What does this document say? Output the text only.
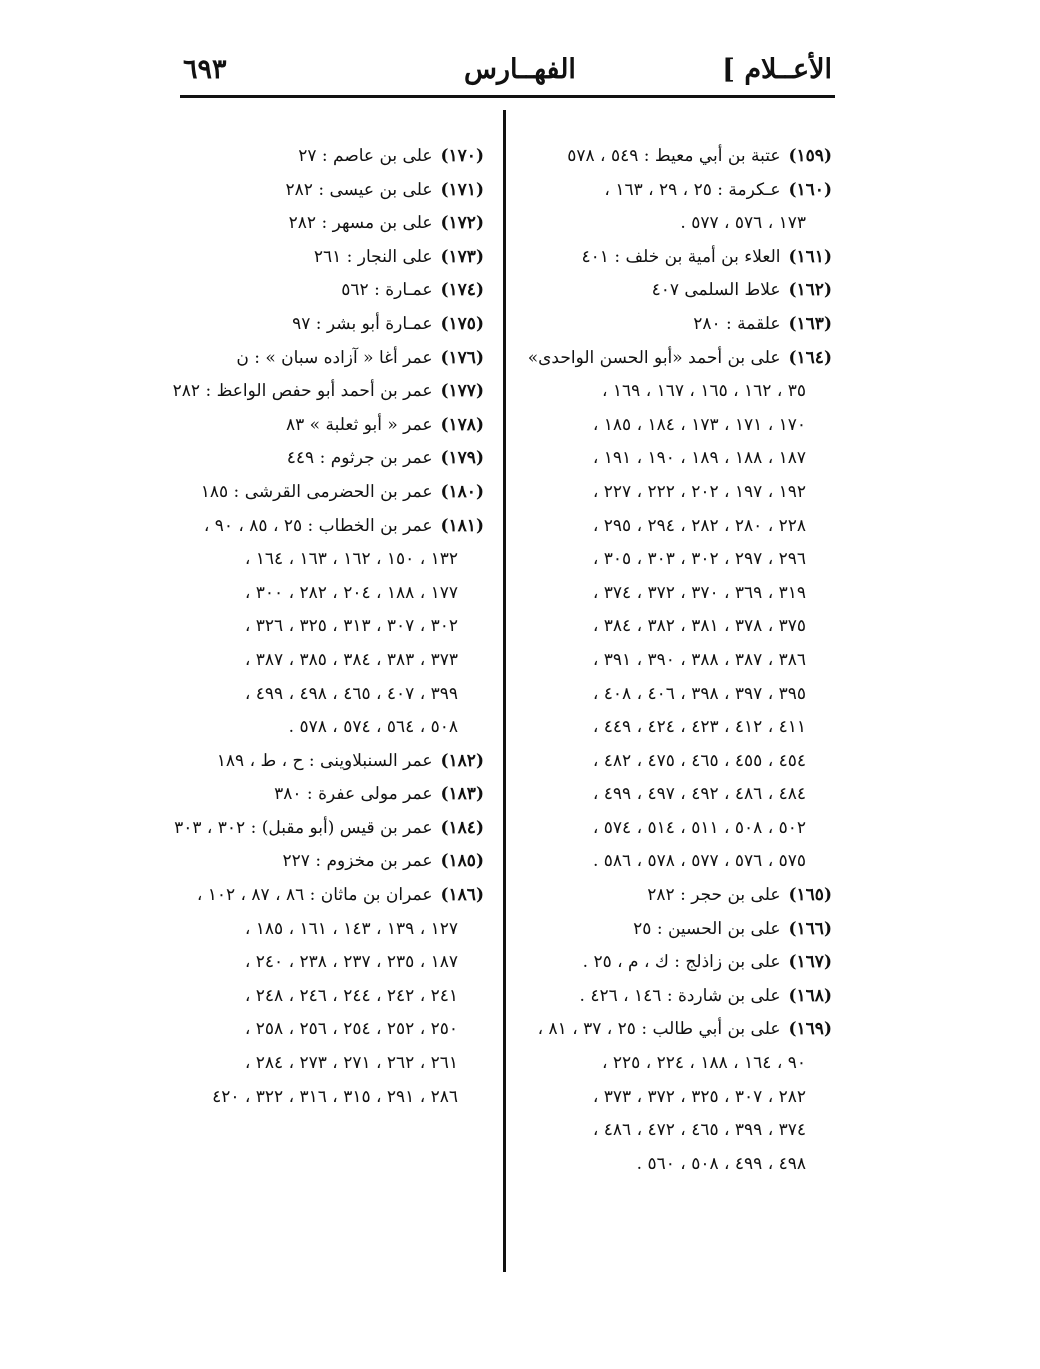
الأعــلام ]
الفهــارس
٦٩٣
(١٥٩)عتبة بن أبي معيط : ٥٤٩ ، ٥٧٨
(١٦٠)عـكرمة : ٢٥ ، ٢٩ ، ١٦٣ ،
١٧٣ ، ٥٧٦ ، ٥٧٧ .
(١٦١)العلاء بن أمية بن خلف : ٤٠١
(١٦٢)علاط السلمى ٤٠٧
(١٦٣)علقمة : ٢٨٠
(١٦٤)على بن أحمد «أبو الحسن الواحدى»
٣٥ ، ١٦٢ ، ١٦٥ ، ١٦٧ ، ١٦٩ ،
١٧٠ ، ١٧١ ، ١٧٣ ، ١٨٤ ، ١٨٥ ،
١٨٧ ، ١٨٨ ، ١٨٩ ، ١٩٠ ، ١٩١ ،
١٩٢ ، ١٩٧ ، ٢٠٢ ، ٢٢٢ ، ٢٢٧ ،
٢٢٨ ، ٢٨٠ ، ٢٨٢ ، ٢٩٤ ، ٢٩٥ ،
٢٩٦ ، ٢٩٧ ، ٣٠٢ ، ٣٠٣ ، ٣٠٥ ،
٣١٩ ، ٣٦٩ ، ٣٧٠ ، ٣٧٢ ، ٣٧٤ ،
٣٧٥ ، ٣٧٨ ، ٣٨١ ، ٣٨٢ ، ٣٨٤ ،
٣٨٦ ، ٣٨٧ ، ٣٨٨ ، ٣٩٠ ، ٣٩١ ،
٣٩٥ ، ٣٩٧ ، ٣٩٨ ، ٤٠٦ ، ٤٠٨ ،
٤١١ ، ٤١٢ ، ٤٢٣ ، ٤٢٤ ، ٤٤٩ ،
٤٥٤ ، ٤٥٥ ، ٤٦٥ ، ٤٧٥ ، ٤٨٢ ،
٤٨٤ ، ٤٨٦ ، ٤٩٢ ، ٤٩٧ ، ٤٩٩ ،
٥٠٢ ، ٥٠٨ ، ٥١١ ، ٥١٤ ، ٥٧٤ ،
٥٧٥ ، ٥٧٦ ، ٥٧٧ ، ٥٧٨ ، ٥٨٦ .
(١٦٥)على بن حجر : ٢٨٢
(١٦٦)على بن الحسين : ٢٥
(١٦٧)على بن زاذلج : ك ، م ، ٢٥ .
(١٦٨)على بن شاردة : ١٤٦ ، ٤٢٦ .
(١٦٩)على بن أبي طالب : ٢٥ ، ٣٧ ، ٨١ ،
٩٠ ، ١٦٤ ، ١٨٨ ، ٢٢٤ ، ٢٢٥ ،
٢٨٢ ، ٣٠٧ ، ٣٢٥ ، ٣٧٢ ، ٣٧٣ ،
٣٧٤ ، ٣٩٩ ، ٤٦٥ ، ٤٧٢ ، ٤٨٦ ،
٤٩٨ ، ٤٩٩ ، ٥٠٨ ، ٥٦٠ .
(١٧٠)على بن عاصم : ٢٧
(١٧١)على بن عيسى : ٢٨٢
(١٧٢)على بن مسهر : ٢٨٢
(١٧٣)على النجار : ٢٦١
(١٧٤)عمـارة : ٥٦٢
(١٧٥)عمـارة أبو بشر : ٩٧
(١٧٦)عمر أغا « آزاده سبان » : ن
(١٧٧)عمر بن أحمد أبو حفص الواعظ : ٢٨٢
(١٧٨)عمر « أبو ثعلبة » ٨٣
(١٧٩)عمر بن جرثوم : ٤٤٩
(١٨٠)عمر بن الحضرمى القرشى : ١٨٥
(١٨١)عمر بن الخطاب : ٢٥ ، ٨٥ ، ٩٠ ،
١٣٢ ، ١٥٠ ، ١٦٢ ، ١٦٣ ، ١٦٤ ،
١٧٧ ، ١٨٨ ، ٢٠٤ ، ٢٨٢ ، ٣٠٠ ،
٣٠٢ ، ٣٠٧ ، ٣١٣ ، ٣٢٥ ، ٣٢٦ ،
٣٧٣ ، ٣٨٣ ، ٣٨٤ ، ٣٨٥ ، ٣٨٧ ،
٣٩٩ ، ٤٠٧ ، ٤٦٥ ، ٤٩٨ ، ٤٩٩ ،
٥٠٨ ، ٥٦٤ ، ٥٧٤ ، ٥٧٨ .
(١٨٢)عمر السنبلاوينى : ح ، ط ، ١٨٩
(١٨٣)عمر مولى عفرة : ٣٨٠
(١٨٤)عمر بن قيس (أبو مقبل) : ٣٠٢ ، ٣٠٣
(١٨٥)عمر بن مخزوم : ٢٢٧
(١٨٦)عمران بن ماثان : ٨٦ ، ٨٧ ، ١٠٢ ،
١٢٧ ، ١٣٩ ، ١٤٣ ، ١٦١ ، ١٨٥ ،
١٨٧ ، ٢٣٥ ، ٢٣٧ ، ٢٣٨ ، ٢٤٠ ،
٢٤١ ، ٢٤٢ ، ٢٤٤ ، ٢٤٦ ، ٢٤٨ ،
٢٥٠ ، ٢٥٢ ، ٢٥٤ ، ٢٥٦ ، ٢٥٨ ،
٢٦١ ، ٢٦٢ ، ٢٧١ ، ٢٧٣ ، ٢٨٤ ،
٢٨٦ ، ٢٩١ ، ٣١٥ ، ٣١٦ ، ٣٢٢ ، ٤٢٠
